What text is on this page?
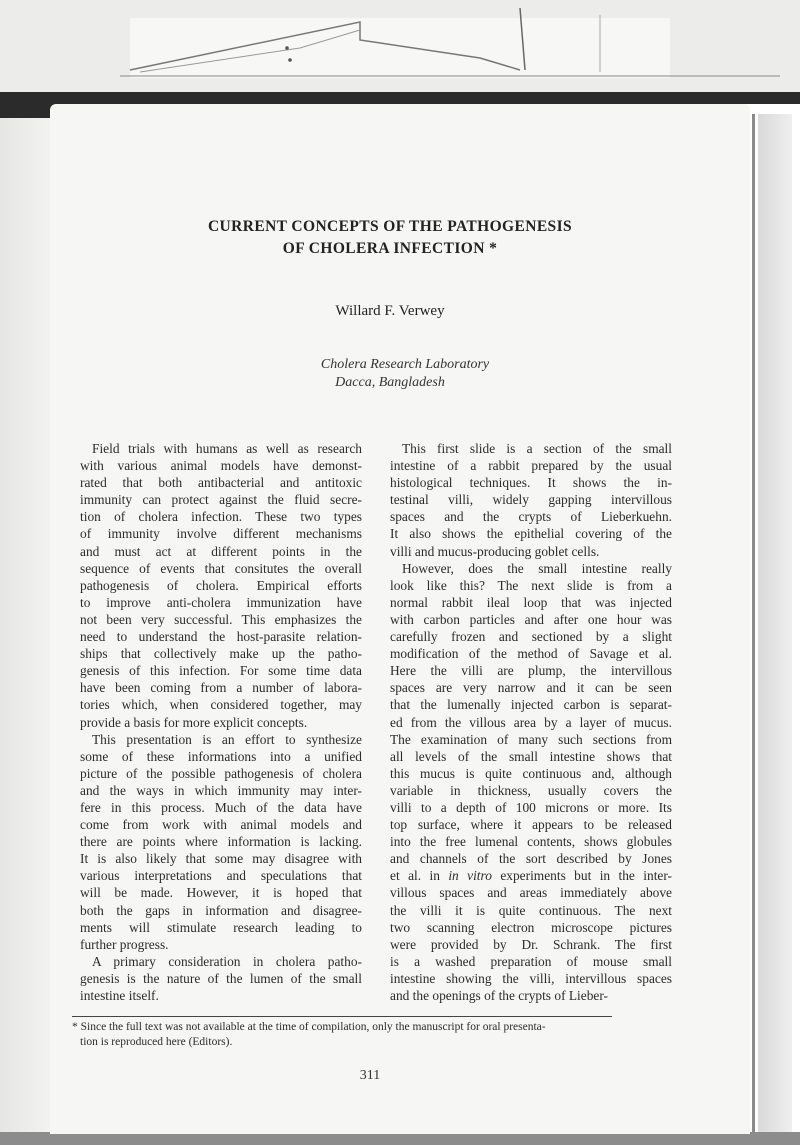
CURRENT CONCEPTS OF THE PATHOGENESIS
OF CHOLERA INFECTION *

Willard F. Verwey

Cholera Research Laboratory

Dacca, Bangladesh

Field trials with humans as well as research
with various animal models have demonst-
rated that both antibacterial and antitoxic
immunity can protect against the fluid secre-
tion of cholera infection. These two types
of immunity involve different mechanisms
and must act at different points in the
sequence of events that consitutes the overall
pathogenesis of cholera. Empirical efforts
to improve anti-cholera immunization have
not been very successful. This emphasizes the
need to understand the host-parasite relation-
ships that collectively make up the patho-
genesis of this infection. For some time data
have been coming from a number of labora-
tories which, when considered together, may
provide a basis for more explicit concepts.
This presentation is an effort to synthesize
some of these informations into a unified
picture of the possible pathogenesis of cholera
and the ways in which immunity may inter-
fere in this process. Much of the data have
come from work with animal models and
there are points where information is lacking.
It is also likely that some may disagree with
various interpretations and speculations that
will be made. However, it is hoped that
both the gaps in information and disagree-
ments will stimulate research leading to
further progress.
A primary consideration in cholera patho-
genesis is the nature of the lumen of the small
intestine itself.
This first slide is a section of the small
intestine of a rabbit prepared by the usual
histological techniques. It shows the in-
testinal villi, widely gapping intervillous
spaces and the crypts of Lieberkuehn.
It also shows the epithelial covering of the
villi and mucus-producing goblet cells.
However, does the small intestine really
look like this? The next slide is from a
normal rabbit ileal loop that was injected
with carbon particles and after one hour was
carefully frozen and sectioned by a slight
modification of the method of Savage et al.
Here the villi are plump, the intervillous
spaces are very narrow and it can be seen
that the lumenally injected carbon is separat-
ed from the villous area by a layer of mucus.
The examination of many such sections from
all levels of the small intestine shows that
this mucus is quite continuous and, although
variable in thickness, usually covers the
villi to a depth of 100 microns or more. Its
top surface, where it appears to be released
into the free lumenal contents, shows globules
and channels of the sort described by Jones
et al. in in vitro experiments but in the inter-
villous spaces and areas immediately above
the villi it is quite continuous. The next
two scanning electron microscope pictures
were provided by Dr. Schrank. The first
is a washed preparation of mouse small
intestine showing the villi, intervillous spaces
and the openings of the crypts of Lieber-
* Since the full text was not available at the time of compilation, only the manuscript for oral presenta-
tion is reproduced here (Editors).
311
